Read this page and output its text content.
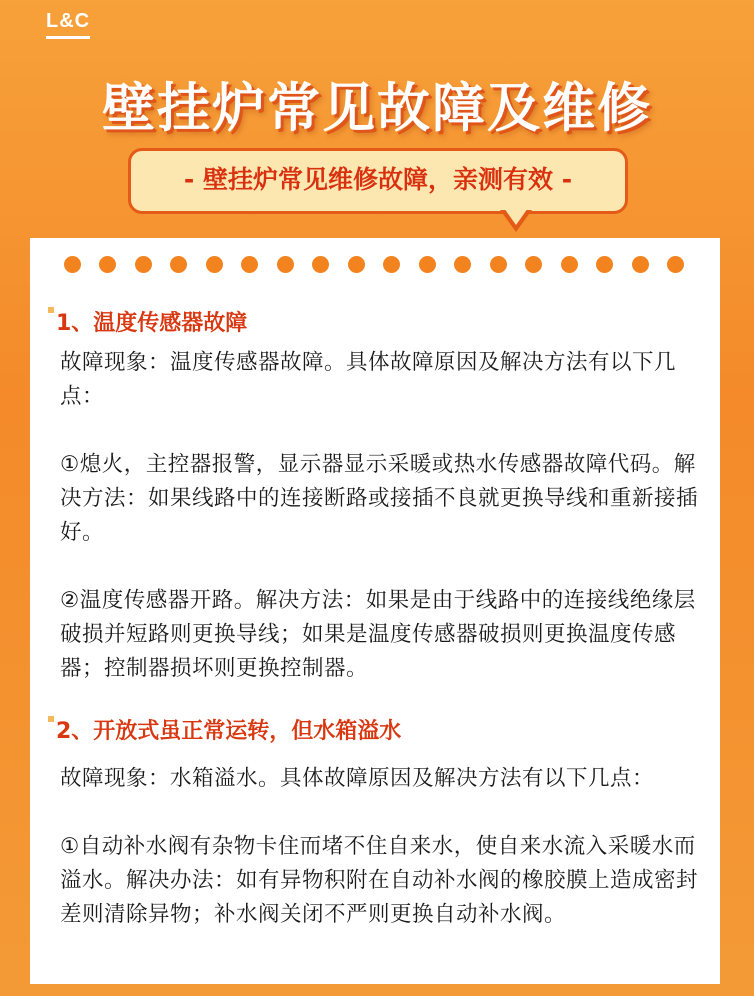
L&C
壁挂炉常见故障及维修
- 壁挂炉常见维修故障，亲测有效 -
1、温度传感器故障
故障现象：温度传感器故障。具体故障原因及解决方法有以下几点：
①熄火，主控器报警，显示器显示采暖或热水传感器故障代码。解决方法：如果线路中的连接断路或接插不良就更换导线和重新接插好。
②温度传感器开路。解决方法：如果是由于线路中的连接线绝缘层破损并短路则更换导线；如果是温度传感器破损则更换温度传感器；控制器损坏则更换控制器。
2、开放式虽正常运转，但水箱溢水
故障现象：水箱溢水。具体故障原因及解决方法有以下几点：
①自动补水阀有杂物卡住而堵不住自来水，使自来水流入采暖水而溢水。解决办法：如有异物积附在自动补水阀的橡胶膜上造成密封差则清除异物；补水阀关闭不严则更换自动补水阀。
